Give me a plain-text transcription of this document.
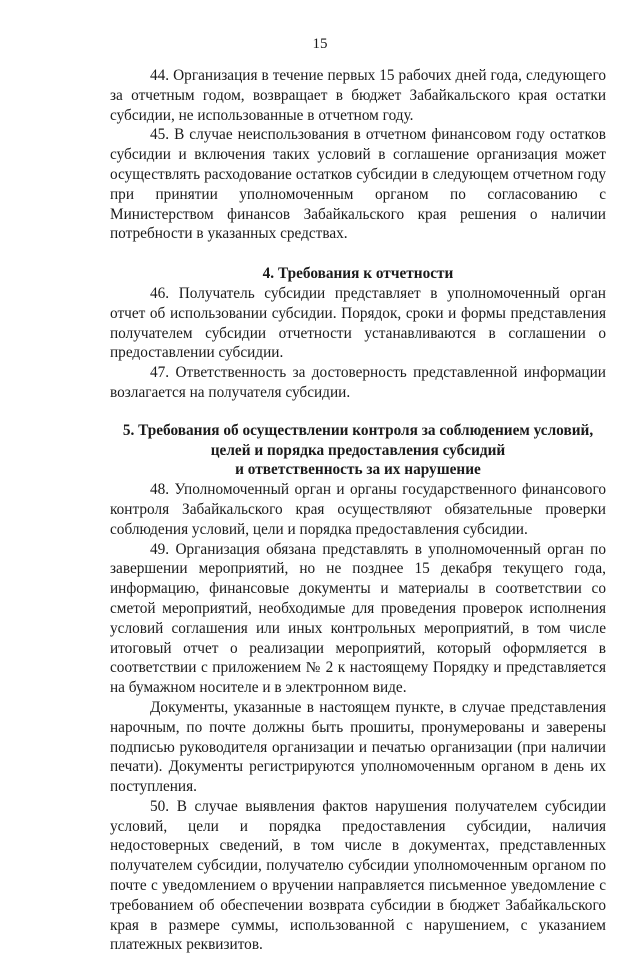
15

44. Организация в течение первых 15 рабочих дней года, следующего за отчетным годом, возвращает в бюджет Забайкальского края остатки субсидии, не использованные в отчетном году.

45. В случае неиспользования в отчетном финансовом году остатков субсидии и включения таких условий в соглашение организация может осуществлять расходование остатков субсидии в следующем отчетном году при принятии уполномоченным органом по согласованию с Министерством финансов Забайкальского края решения о наличии потребности в указанных средствах.

4. Требования к отчетности

46. Получатель субсидии представляет в уполномоченный орган отчет об использовании субсидии. Порядок, сроки и формы представления получателем субсидии отчетности устанавливаются в соглашении о предоставлении субсидии.

47. Ответственность за достоверность представленной информации возлагается на получателя субсидии.

5. Требования об осуществлении контроля за соблюдением условий,

целей и порядка предоставления субсидий

и ответственность за их нарушение

48. Уполномоченный орган и органы государственного финансового контроля Забайкальского края осуществляют обязательные проверки соблюдения условий, цели и порядка предоставления субсидии.

49. Организация обязана представлять в уполномоченный орган по завершении мероприятий, но не позднее 15 декабря текущего года, информацию, финансовые документы и материалы в соответствии со сметой мероприятий, необходимые для проведения проверок исполнения условий соглашения или иных контрольных мероприятий, в том числе итоговый отчет о реализации мероприятий, который оформляется в соответствии с приложением № 2 к настоящему Порядку и представляется на бумажном носителе и в электронном виде.

Документы, указанные в настоящем пункте, в случае представления нарочным, по почте должны быть прошиты, пронумерованы и заверены подписью руководителя организации и печатью организации (при наличии печати). Документы регистрируются уполномоченным органом в день их поступления.

50. В случае выявления фактов нарушения получателем субсидии условий, цели и порядка предоставления субсидии, наличия недостоверных сведений, в том числе в документах, представленных получателем субсидии, получателю субсидии уполномоченным органом по почте с уведомлением о вручении направляется письменное уведомление с требованием об обеспечении возврата субсидии в бюджет Забайкальского края в размере суммы, использованной с нарушением, с указанием платежных реквизитов.
